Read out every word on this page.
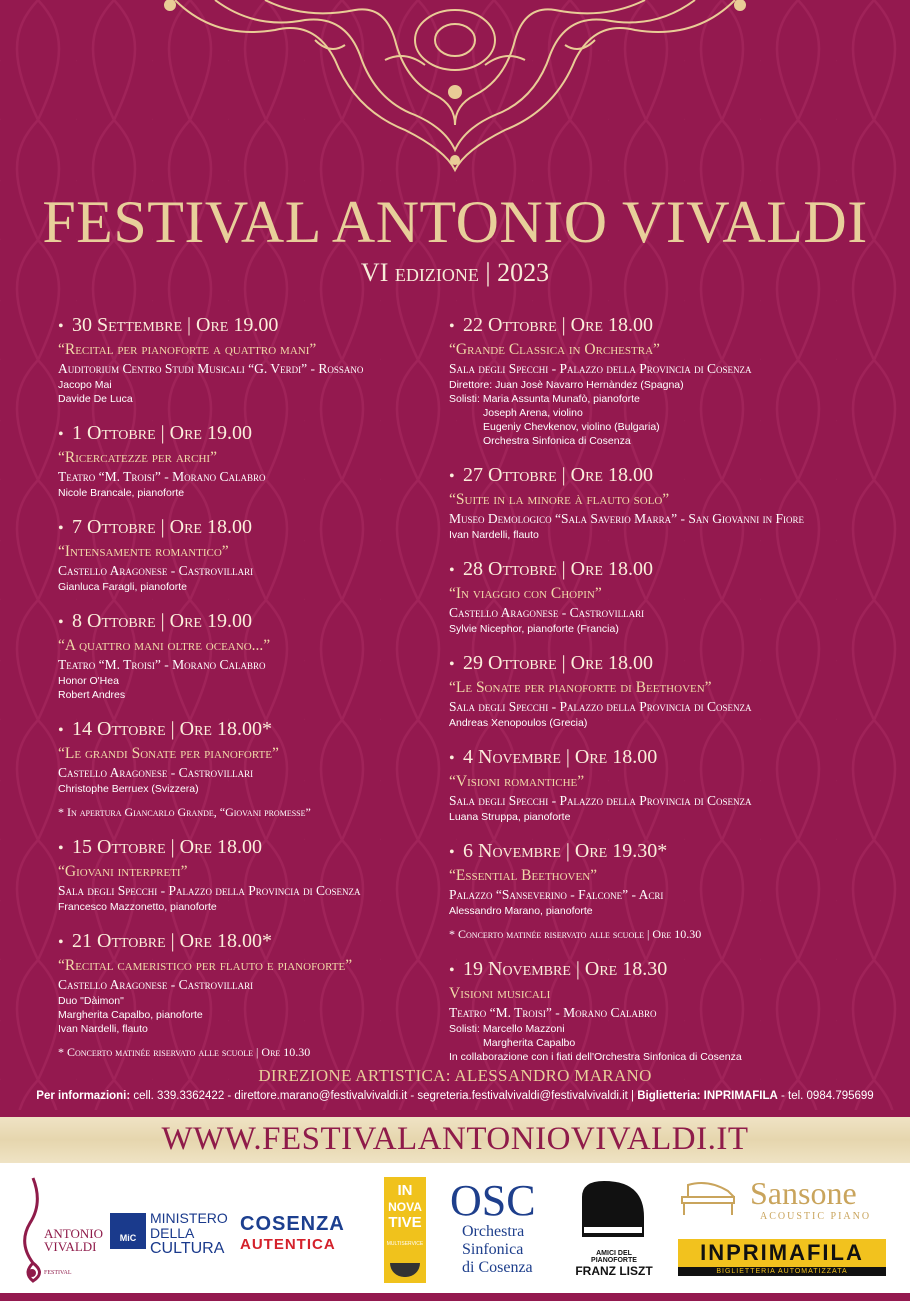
FESTIVAL ANTONIO VIVALDI
VI edizione | 2023
• 30 Settembre | Ore 19.00
“Recital per pianoforte a quattro mani”
Auditorium Centro Studi Musicali “G. Verdi” - Rossano
Jacopo Mai
Davide De Luca
• 1 Ottobre | Ore 19.00
“Ricercatezze per archi”
Teatro “M. Troisi” - Morano Calabro
Nicole Brancale, pianoforte
• 7 Ottobre | Ore 18.00
“Intensamente romantico”
Castello Aragonese - Castrovillari
Gianluca Faragli, pianoforte
• 8 Ottobre | Ore 19.00
“A quattro mani oltre oceano...”
Teatro “M. Troisi” - Morano Calabro
Honor O'Hea
Robert Andres
• 14 Ottobre | Ore 18.00*
“Le grandi Sonate per pianoforte”
Castello Aragonese - Castrovillari
Christophe Berruex (Svizzera)
* In apertura Giancarlo Grande, “Giovani promesse”
• 15 Ottobre | Ore 18.00
“Giovani interpreti”
Sala degli Specchi - Palazzo della Provincia di Cosenza
Francesco Mazzonetto, pianoforte
• 21 Ottobre | Ore 18.00*
“Recital cameristico per flauto e pianoforte”
Castello Aragonese - Castrovillari
Duo "Dàimon"
Margherita Capalbo, pianoforte
Ivan Nardelli, flauto
* Concerto matinée riservato alle scuole | Ore 10.30
• 22 Ottobre | Ore 18.00
“Grande Classica in Orchestra”
Sala degli Specchi - Palazzo della Provincia di Cosenza
Direttore: Juan Josè Navarro Hernàndez (Spagna)
Solisti: Maria Assunta Munafò, pianoforte
Joseph Arena, violino
Eugeniy Chevkenov, violino (Bulgaria)
Orchestra Sinfonica di Cosenza
• 27 Ottobre | Ore 18.00
“Suite in la minore à flauto solo”
Museo Demologico “Sala Saverio Marra” - San Giovanni in Fiore
Ivan Nardelli, flauto
• 28 Ottobre | Ore 18.00
“In viaggio con Chopin”
Castello Aragonese - Castrovillari
Sylvie Nicephor, pianoforte (Francia)
• 29 Ottobre | Ore 18.00
“Le Sonate per pianoforte di Beethoven”
Sala degli Specchi - Palazzo della Provincia di Cosenza
Andreas Xenopoulos (Grecia)
• 4 Novembre | Ore 18.00
“Visioni romantiche”
Sala degli Specchi - Palazzo della Provincia di Cosenza
Luana Struppa, pianoforte
• 6 Novembre | Ore 19.30*
“Essential Beethoven”
Palazzo “Sanseverino - Falcone” - Acri
Alessandro Marano, pianoforte
* Concerto matinée riservato alle scuole | Ore 10.30
• 19 Novembre | Ore 18.30
Visioni musicali
Teatro “M. Troisi” - Morano Calabro
Solisti: Marcello Mazzoni
Margherita Capalbo
In collaborazione con i fiati dell'Orchestra Sinfonica di Cosenza
DIREZIONE ARTISTICA: ALESSANDRO MARANO
Per informazioni: cell. 339.3362422 - direttore.marano@festivalvivaldi.it - segreteria.festivalvivaldi@festivalvivaldi.it | Biglietteria: INPRIMAFILA - tel. 0984.795699
WWW.FESTIVALANTONIOVIVALDI.IT
ANTONIO
VIVALDI
FESTIVAL
MiC
MINISTERO
DELLA
CULTURA
COSENZA
AUTENTICA
IN
NOVA
TIVE
MULTISERVICE
OSC
Orchestra
Sinfonica
di Cosenza
AMICI DEL PIANOFORTE
FRANZ LISZT
Sansone
ACOUSTIC PIANO
INPRIMAFILA
BIGLIETTERIA AUTOMATIZZATA
